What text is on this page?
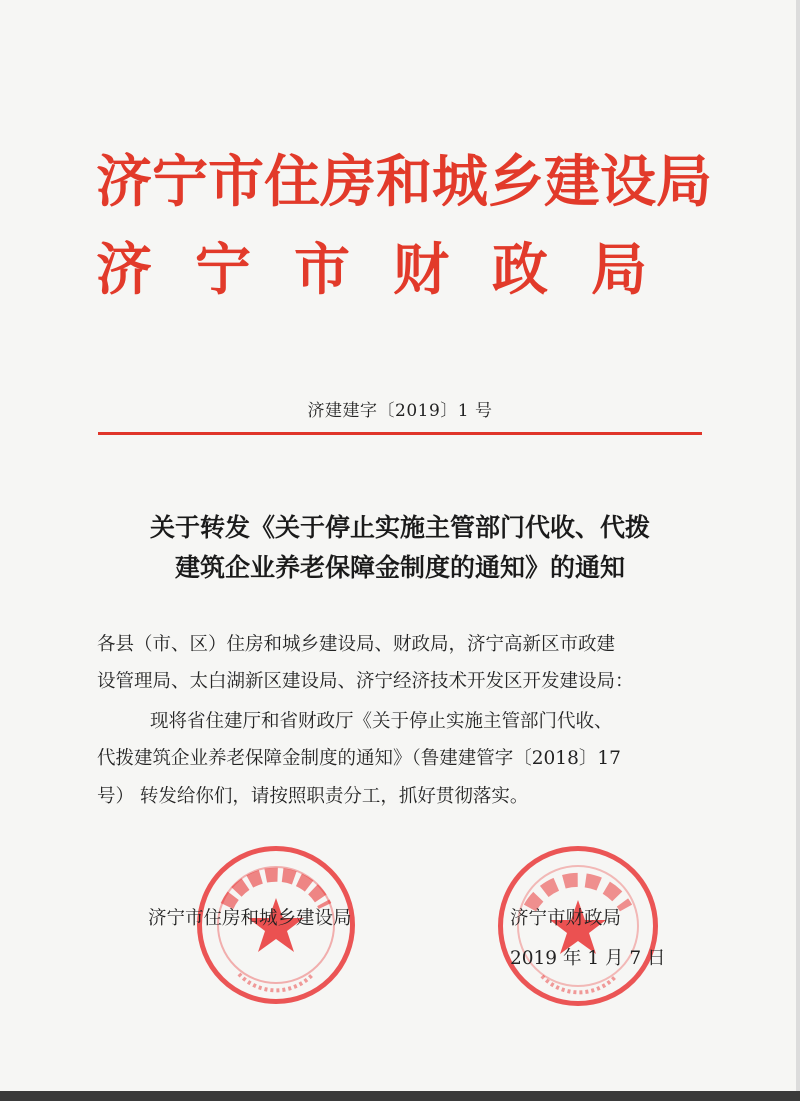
济宁市住房和城乡建设局
济宁市财政局
济建建字〔2019〕1 号
关于转发《关于停止实施主管部门代收、代拨
建筑企业养老保障金制度的通知》的通知
各县（市、区）住房和城乡建设局、财政局，济宁高新区市政建
设管理局、太白湖新区建设局、济宁经济技术开发区开发建设局：
现将省住建厅和省财政厅《关于停止实施主管部门代收、
代拨建筑企业养老保障金制度的通知》（鲁建建管字〔2018〕17
号） 转发给你们，请按照职责分工，抓好贯彻落实。
济宁市住房和城乡建设局	济宁市财政局
2019 年 1 月 7 日
